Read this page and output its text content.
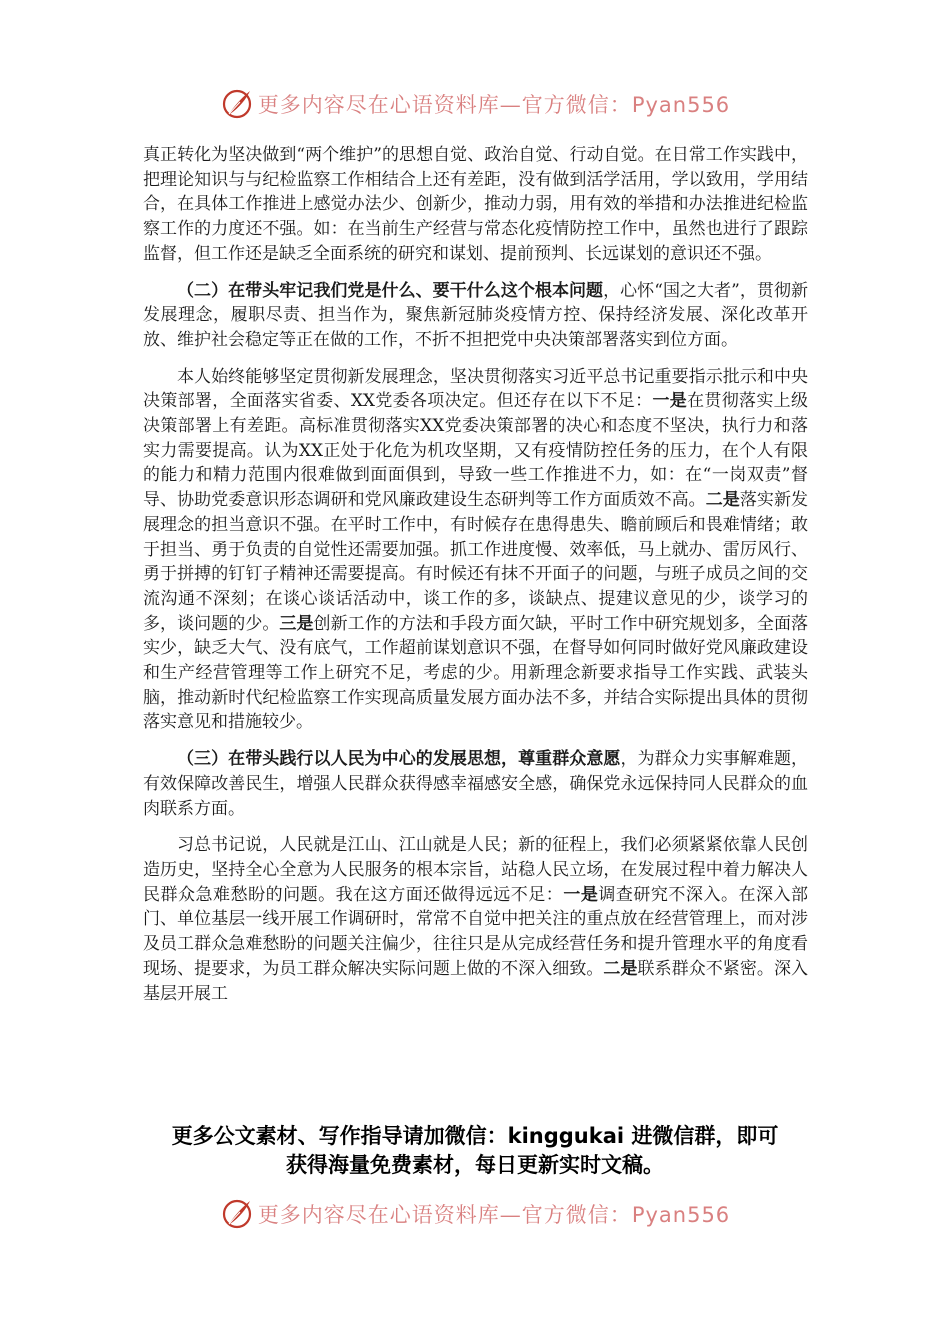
更多内容尽在心语资料库—官方微信：Pyan556

真正转化为坚决做到“两个维护”的思想自觉、政治自觉、行动自觉。在日常工作实践中，把理论知识与与纪检监察工作相结合上还有差距，没有做到活学活用，学以致用，学用结合，在具体工作推进上感觉办法少、创新少，推动力弱，用有效的举措和办法推进纪检监察工作的力度还不强。如：在当前生产经营与常态化疫情防控工作中，虽然也进行了跟踪监督，但工作还是缺乏全面系统的研究和谋划、提前预判、长远谋划的意识还不强。

（二）在带头牢记我们党是什么、要干什么这个根本问题，心怀“国之大者”，贯彻新发展理念，履职尽责、担当作为，聚焦新冠肺炎疫情方控、保持经济发展、深化改革开放、维护社会稳定等正在做的工作，不折不担把党中央决策部署落实到位方面。

本人始终能够坚定贯彻新发展理念，坚决贯彻落实习近平总书记重要指示批示和中央决策部署，全面落实省委、XX党委各项决定。但还存在以下不足：一是在贯彻落实上级决策部署上有差距。高标准贯彻落实XX党委决策部署的决心和态度不坚决，执行力和落实力需要提高。认为XX正处于化危为机攻坚期，又有疫情防控任务的压力，在个人有限的能力和精力范围内很难做到面面俱到，导致一些工作推进不力，如：在“一岗双责”督导、协助党委意识形态调研和党风廉政建设生态研判等工作方面质效不高。二是落实新发展理念的担当意识不强。在平时工作中，有时候存在患得患失、瞻前顾后和畏难情绪；敢于担当、勇于负责的自觉性还需要加强。抓工作进度慢、效率低，马上就办、雷厉风行、勇于拼搏的钉钉子精神还需要提高。有时候还有抹不开面子的问题，与班子成员之间的交流沟通不深刻；在谈心谈话活动中，谈工作的多，谈缺点、提建议意见的少，谈学习的多，谈问题的少。三是创新工作的方法和手段方面欠缺，平时工作中研究规划多，全面落实少，缺乏大气、没有底气，工作超前谋划意识不强，在督导如何同时做好党风廉政建设和生产经营管理等工作上研究不足，考虑的少。用新理念新要求指导工作实践、武装头脑，推动新时代纪检监察工作实现高质量发展方面办法不多，并结合实际提出具体的贯彻落实意见和措施较少。

（三）在带头践行以人民为中心的发展思想，尊重群众意愿，为群众力实事解难题，有效保障改善民生，增强人民群众获得感幸福感安全感，确保党永远保持同人民群众的血肉联系方面。

习总书记说，人民就是江山、江山就是人民；新的征程上，我们必须紧紧依靠人民创造历史，坚持全心全意为人民服务的根本宗旨，站稳人民立场，在发展过程中着力解决人民群众急难愁盼的问题。我在这方面还做得远远不足：一是调查研究不深入。在深入部门、单位基层一线开展工作调研时，常常不自觉中把关注的重点放在经营管理上，而对涉及员工群众急难愁盼的问题关注偏少，往往只是从完成经营任务和提升管理水平的角度看现场、提要求，为员工群众解决实际问题上做的不深入细致。二是联系群众不紧密。深入基层开展工

更多公文素材、写作指导请加微信：kinggukai 进微信群，即可
获得海量免费素材，每日更新实时文稿。
更多内容尽在心语资料库—官方微信：Pyan556
